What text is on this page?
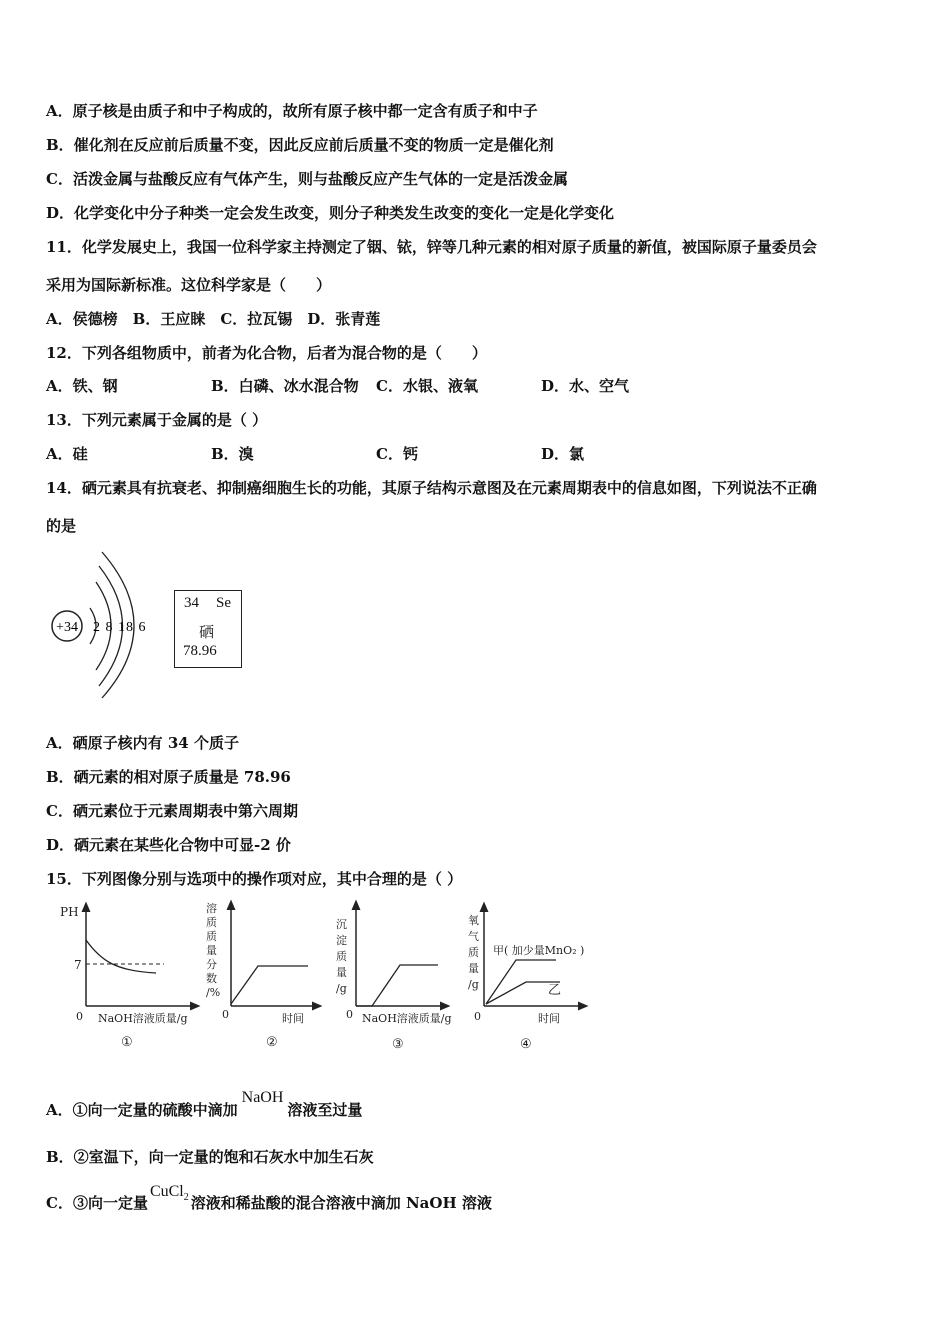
A．原子核是由质子和中子构成的，故所有原子核中都一定含有质子和中子
B．催化剂在反应前后质量不变，因此反应前后质量不变的物质一定是催化剂
C．活泼金属与盐酸反应有气体产生，则与盐酸反应产生气体的一定是活泼金属
D．化学变化中分子种类一定会发生改变，则分子种类发生改变的变化一定是化学变化
11．化学发展史上，我国一位科学家主持测定了铟、铱，锌等几种元素的相对原子质量的新值，被国际原子量委员会
采用为国际新标准。这位科学家是（　　）
A．侯德榜　B．王应睐　C．拉瓦锡　D．张青莲
12．下列各组物质中，前者为化合物，后者为混合物的是（　　）
A．铁、钢	B．白磷、冰水混合物 C．水银、液氧	D．水、空气
13．下列元素属于金属的是（ ）
A．硅	B．溴	C．钙	D．氯
14．硒元素具有抗衰老、抑制癌细胞生长的功能，其原子结构示意图及在元素周期表中的信息如图，下列说法不正确
的是
+34 2 8 18 6
34 Se
硒
78.96
A．硒原子核内有 34 个质子
B．硒元素的相对原子质量是 78.96
C．硒元素位于元素周期表中第六周期
D．硒元素在某些化合物中可显-2 价
15．下列图像分别与选项中的操作项对应，其中合理的是（ ）
PH
7
0 NaOH溶液质量/g
①
溶
质
质
量
分
数
/%
0	时间
②
沉
淀
质
量
/g
0 NaOH溶液质量/g
③
氧
气
质
量
/g
甲( 加少量MnO₂ )
乙
0	时间
④
A．①向一定量的硫酸中滴加NaOH溶液至过量
B．②室温下，向一定量的饱和石灰水中加生石灰
C．③向一定量CuCl$_2$ 溶液和稀盐酸的混合溶液中滴加 NaOH 溶液
